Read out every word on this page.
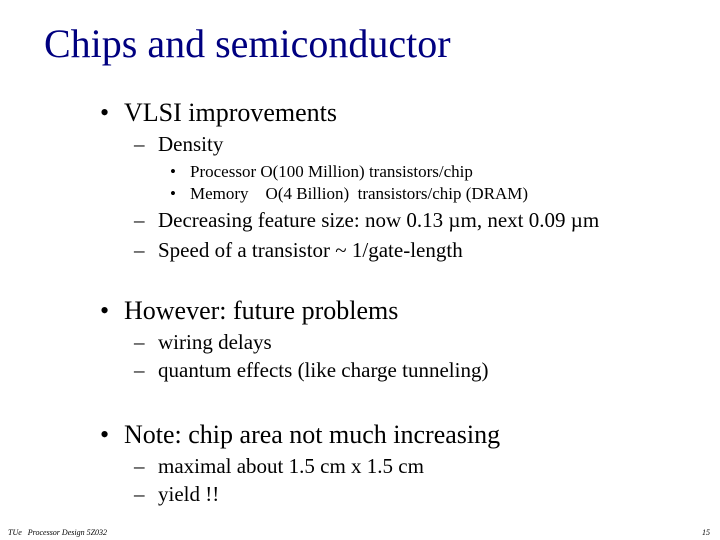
Chips and semiconductor
• VLSI improvements
– Density
• Processor O(100 Million) transistors/chip
• Memory    O(4 Billion)  transistors/chip (DRAM)
– Decreasing feature size: now 0.13 µm, next 0.09 µm
– Speed of a transistor ~ 1/gate-length
• However: future problems
– wiring delays
– quantum effects (like charge tunneling)
• Note: chip area not much increasing
– maximal about 1.5 cm x 1.5 cm
– yield !!
TUe   Processor Design 5Z032	15
